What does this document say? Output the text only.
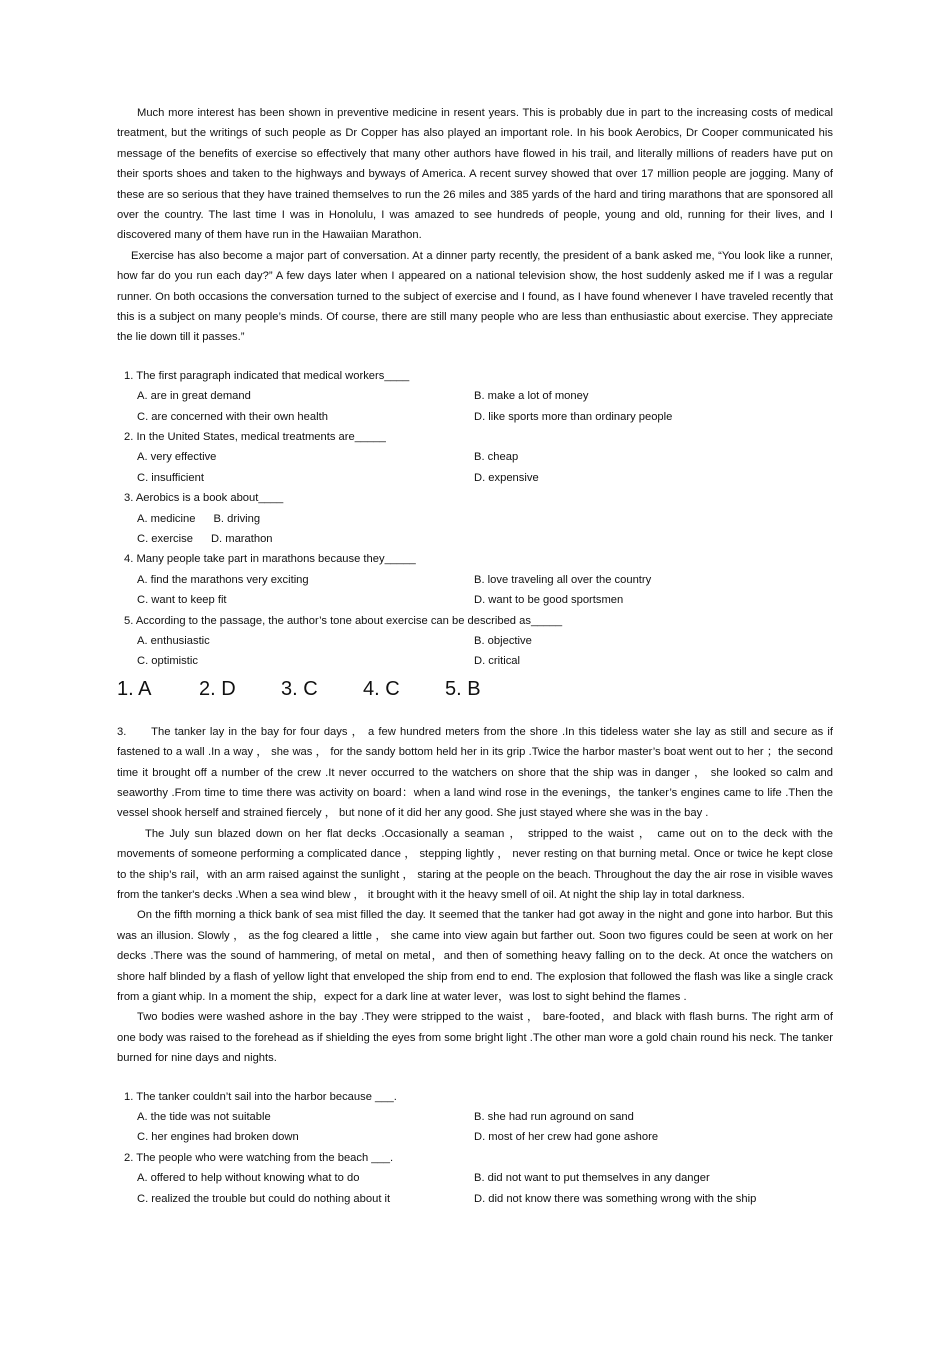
Much more interest has been shown in preventive medicine in resent years. This is probably due in part to the increasing costs of medical treatment, but the writings of such people as Dr Copper has also played an important role. In his book Aerobics, Dr Cooper communicated his message of the benefits of exercise so effectively that many other authors have flowed in his trail, and literally millions of readers have put on their sports shoes and taken to the highways and byways of America. A recent survey showed that over 17 million people are jogging. Many of these are so serious that they have trained themselves to run the 26 miles and 385 yards of the hard and tiring marathons that are sponsored all over the country. The last time I was in Honolulu, I was amazed to see hundreds of people, young and old, running for their lives, and I discovered many of them have run in the Hawaiian Marathon.

Exercise has also become a major part of conversation. At a dinner party recently, the president of a bank asked me, “You look like a runner, how far do you run each day?” A few days later when I appeared on a national television show, the host suddenly asked me if I was a regular runner. On both occasions the conversation turned to the subject of exercise and I found, as I have found whenever I have traveled recently that this is a subject on many people’s minds. Of course, there are still many people who are less than enthusiastic about exercise. They appreciate the lie down till it passes.”

1. The first paragraph indicated that medical workers____
A. are in great demand	B. make a lot of money
C. are concerned with their own health	D. like sports more than ordinary people
2. In the United States, medical treatments are_____
A. very effective	B. cheap
C. insufficient	D. expensive
3. Aerobics is a book about____
A. medicine B. driving
C. exercise D. marathon
4. Many people take part in marathons because they_____
A. find the marathons very exciting	B. love traveling all over the country
C. want to keep fit	D. want to be good sportsmen
5. According to the passage, the author’s tone about exercise can be described as_____
A. enthusiastic	B. objective
C. optimistic	D. critical
1. A 2. D 3. C 4. C 5. B

3.      The tanker lay in the bay for four days ， a few hundred meters from the shore .In this tideless water she lay as still and secure as if fastened to a wall .In a way ， she was ， for the sandy bottom held her in its grip .Twice the harbor master’s boat went out to her ；the second time it brought off a number of the crew .It never occurred to the watchers on shore that the ship was in danger ， she looked so calm and seaworthy .From time to time there was activity on board：when a land wind rose in the evenings，the tanker’s engines came to life .Then the vessel shook herself and strained fiercely ， but none of it did her any good. She just stayed where she was in the bay .

The July sun blazed down on her flat decks .Occasionally a seaman ， stripped to the waist ， came out on to the deck with the movements of someone performing a complicated dance ， stepping lightly ， never resting on that burning metal. Once or twice he kept close to the ship’s rail，with an arm raised against the sunlight ， staring at the people on the beach. Throughout the day the air rose in visible waves from the tanker's decks .When a sea wind blew ， it brought with it the heavy smell of oil. At night the ship lay in total darkness.

On the fifth morning a thick bank of sea mist filled the day. It seemed that the tanker had got away in the night and gone into harbor. But this was an illusion. Slowly ， as the fog cleared a little ， she came into view again but farther out. Soon two figures could be seen at work on her decks .There was the sound of hammering, of metal on metal，and then of something heavy falling on to the deck. At once the watchers on shore half blinded by a flash of yellow light that enveloped the ship from end to end. The explosion that followed the flash was like a single crack from a giant whip. In a moment the ship，expect for a dark line at water lever，was lost to sight behind the flames .

Two bodies were washed ashore in the bay .They were stripped to the waist ， bare-footed，and black with flash burns. The right arm of one body was raised to the forehead as if shielding the eyes from some bright light .The other man wore a gold chain round his neck. The tanker burned for nine days and nights.

1. The tanker couldn’t sail into the harbor because ___.
A. the tide was not suitable	B. she had run aground on sand
C. her engines had broken down	D. most of her crew had gone ashore
2. The people who were watching from the beach ___.
A. offered to help without knowing what to do	B. did not want to put themselves in any danger
C. realized the trouble but could do nothing about it	D. did not know there was something wrong with the ship
